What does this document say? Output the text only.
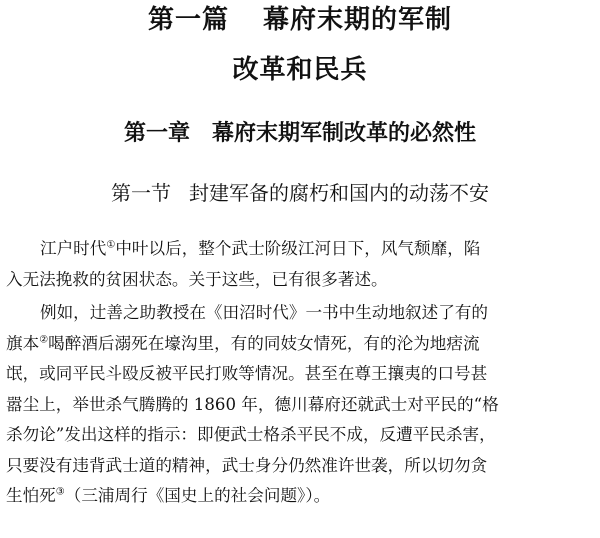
第一篇 幕府末期的军制
改革和民兵
第一章 幕府末期军制改革的必然性
第一节 封建军备的腐朽和国内的动荡不安
江户时代①中叶以后，整个武士阶级江河日下，风气颓靡，陷
入无法挽救的贫困状态。关于这些，已有很多著述。
例如，辻善之助教授在《田沼时代》一书中生动地叙述了有的
旗本②喝醉酒后溺死在壕沟里，有的同妓女情死，有的沦为地痞流
氓，或同平民斗殴反被平民打败等情况。甚至在尊王攘夷的口号甚
嚣尘上，举世杀气腾腾的 1860 年，德川幕府还就武士对平民的“格
杀勿论”发出这样的指示：即便武士格杀平民不成，反遭平民杀害，
只要没有违背武士道的精神，武士身分仍然准许世袭，所以切勿贪
生怕死③（三浦周行《国史上的社会问题》）。
